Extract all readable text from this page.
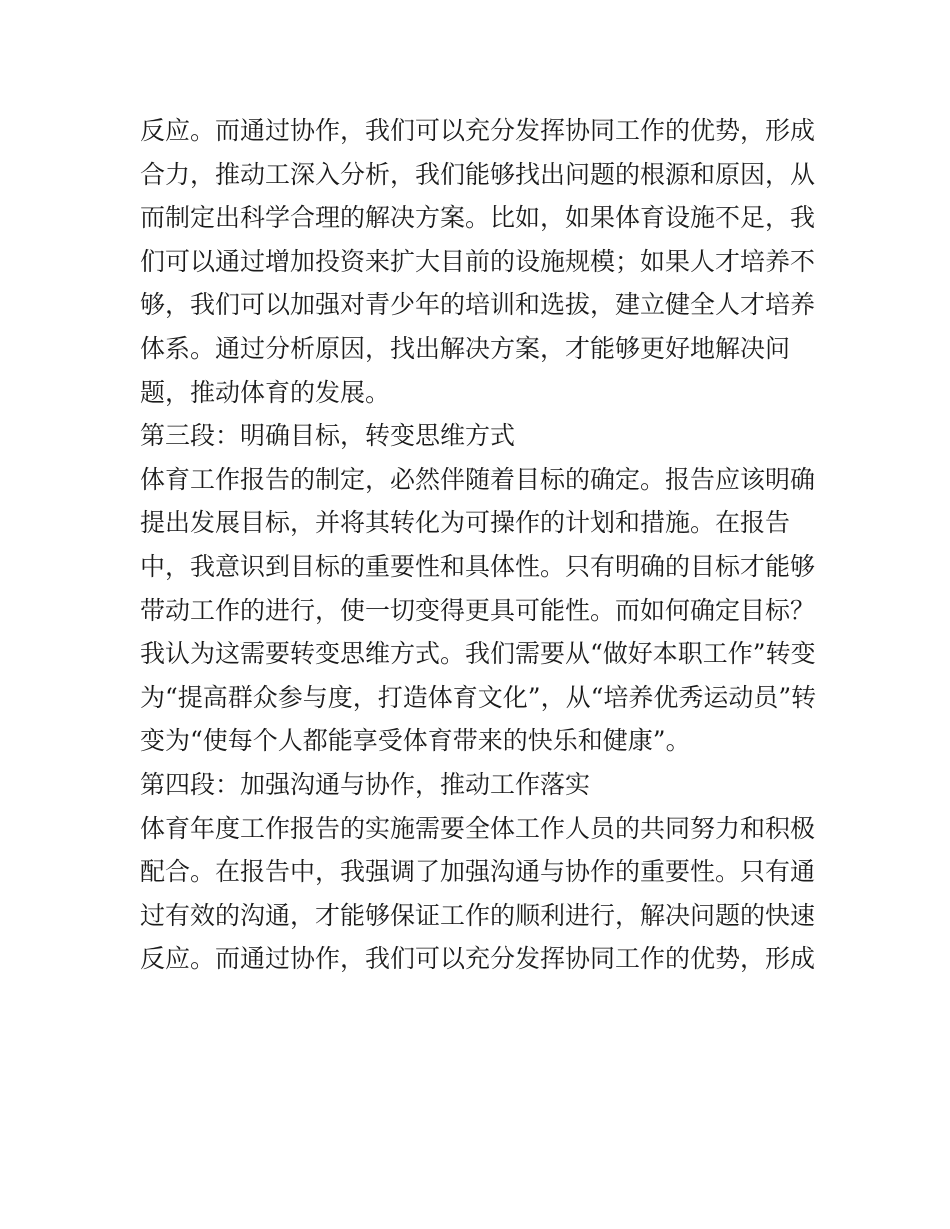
反应。而通过协作，我们可以充分发挥协同工作的优势，形成
合力，推动工深入分析，我们能够找出问题的根源和原因，从
而制定出科学合理的解决方案。比如，如果体育设施不足，我
们可以通过增加投资来扩大目前的设施规模；如果人才培养不
够，我们可以加强对青少年的培训和选拔，建立健全人才培养
体系。通过分析原因，找出解决方案，才能够更好地解决问
题，推动体育的发展。
第三段：明确目标，转变思维方式
体育工作报告的制定，必然伴随着目标的确定。报告应该明确
提出发展目标，并将其转化为可操作的计划和措施。在报告
中，我意识到目标的重要性和具体性。只有明确的目标才能够
带动工作的进行，使一切变得更具可能性。而如何确定目标？
我认为这需要转变思维方式。我们需要从“做好本职工作”转变
为“提高群众参与度，打造体育文化”，从“培养优秀运动员”转
变为“使每个人都能享受体育带来的快乐和健康”。
第四段：加强沟通与协作，推动工作落实
体育年度工作报告的实施需要全体工作人员的共同努力和积极
配合。在报告中，我强调了加强沟通与协作的重要性。只有通
过有效的沟通，才能够保证工作的顺利进行，解决问题的快速
反应。而通过协作，我们可以充分发挥协同工作的优势，形成
